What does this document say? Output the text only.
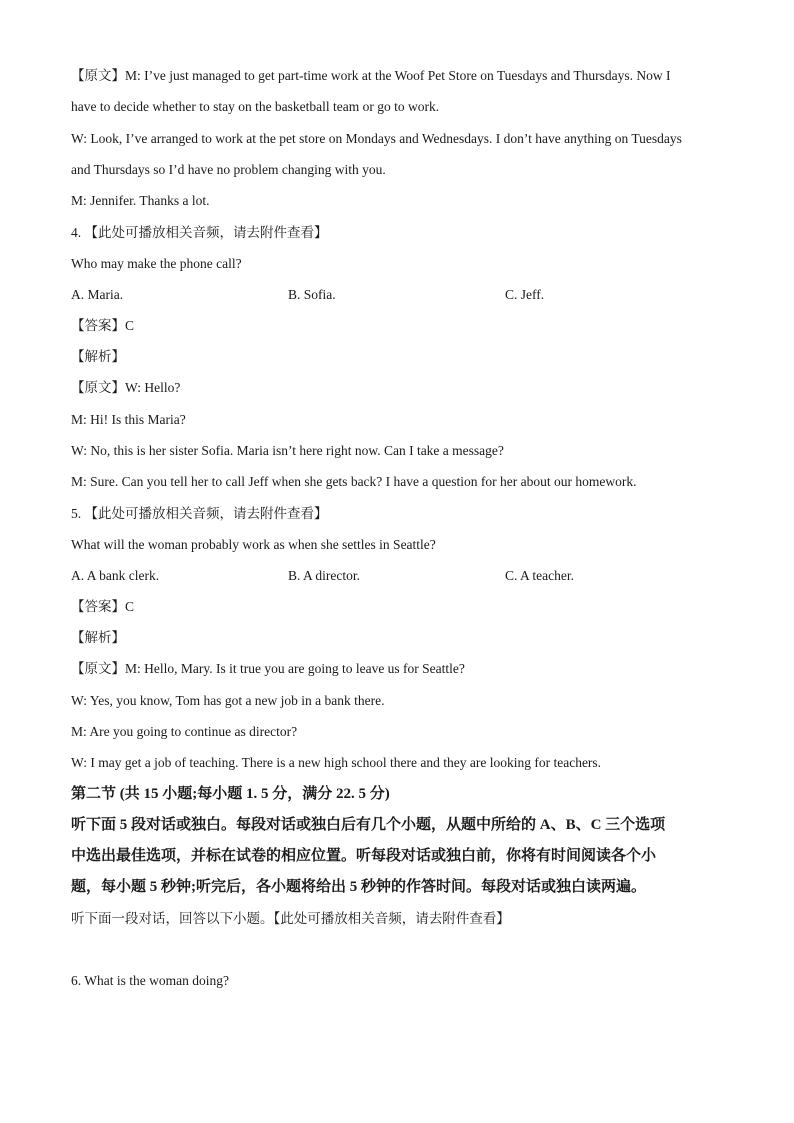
【原文】M: I’ve just managed to get part-time work at the Woof Pet Store on Tuesdays and Thursdays. Now I
have to decide whether to stay on the basketball team or go to work.
W: Look, I’ve arranged to work at the pet store on Mondays and Wednesdays. I don’t have anything on Tuesdays
and Thursdays so I’d have no problem changing with you.
M: Jennifer. Thanks a lot.
4. 【此处可播放相关音频，请去附件查看】
Who may make the phone call?
A. Maria.	B. Sofia.	C. Jeff.
【答案】C
【解析】
【原文】W: Hello?
M: Hi! Is this Maria?
W: No, this is her sister Sofia. Maria isn’t here right now. Can I take a message?
M: Sure. Can you tell her to call Jeff when she gets back? I have a question for her about our homework.
5. 【此处可播放相关音频，请去附件查看】
What will the woman probably work as when she settles in Seattle?
A. A bank clerk.	B. A director.	C. A teacher.
【答案】C
【解析】
【原文】M: Hello, Mary. Is it true you are going to leave us for Seattle?
W: Yes, you know, Tom has got a new job in a bank there.
M: Are you going to continue as director?
W: I may get a job of teaching. There is a new high school there and they are looking for teachers.
第二节 (共 15 小题;每小题 1. 5 分，满分 22. 5 分)
听下面 5 段对话或独白。每段对话或独白后有几个小题，从题中所给的 A、B、C 三个选项
中选出最佳选项，并标在试卷的相应位置。听每段对话或独白前，你将有时间阅读各个小
题，每小题 5 秒钟;听完后，各小题将给出 5 秒钟的作答时间。每段对话或独白读两遍。
听下面一段对话，回答以下小题。【此处可播放相关音频，请去附件查看】
6. What is the woman doing?
